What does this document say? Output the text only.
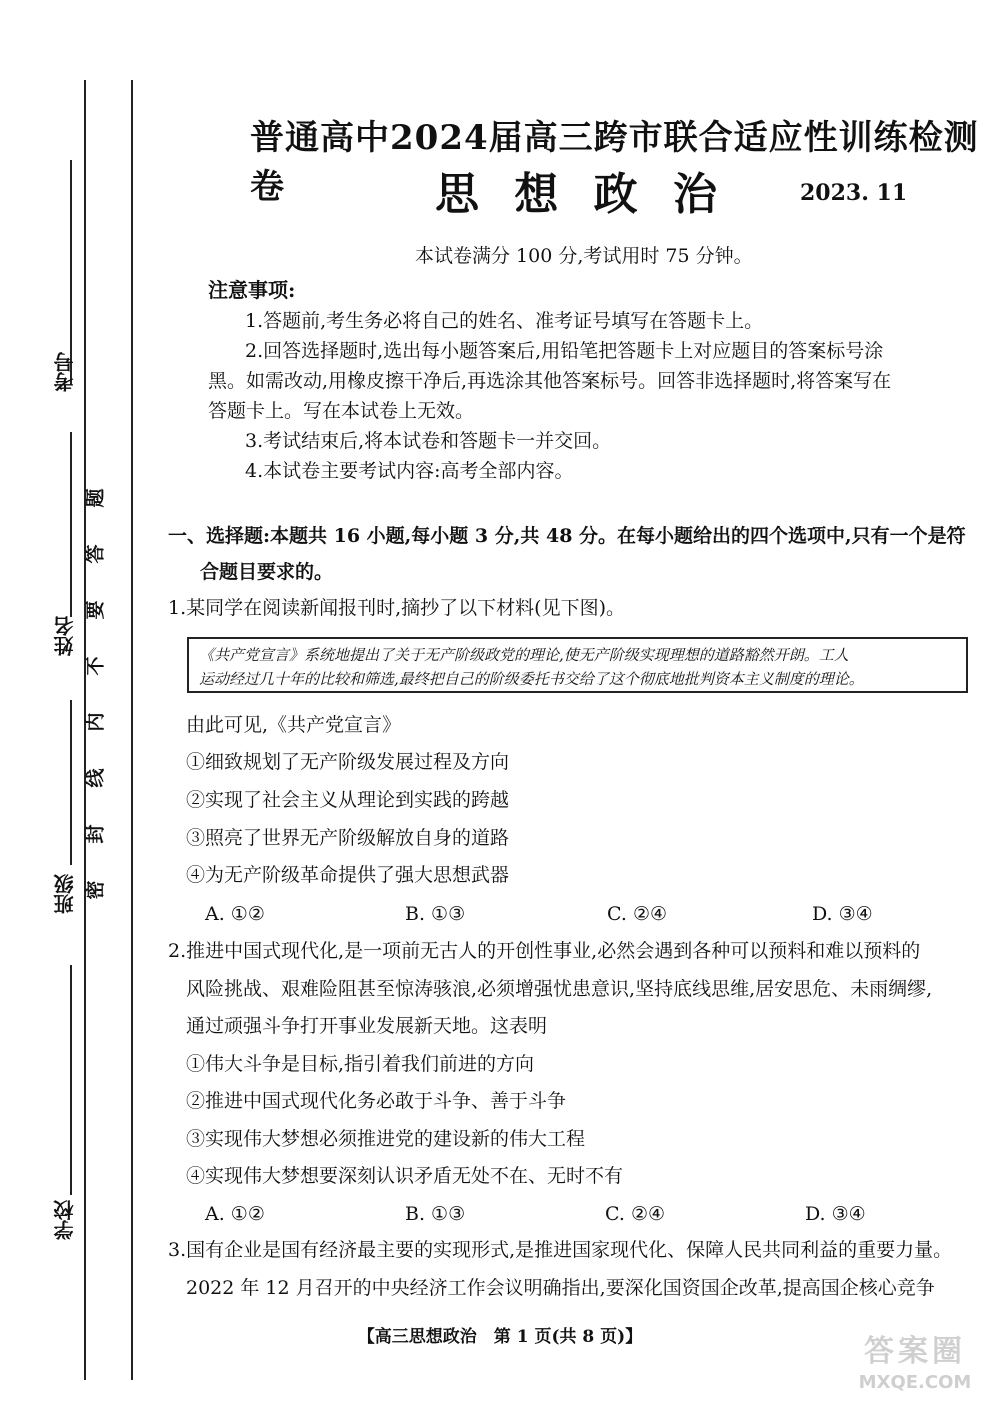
考号
姓名
班级
学校
题
答
要
不
内
线
封
密
普通高中2024届高三跨市联合适应性训练检测卷	思 想 政 治	2023. 11
本试卷满分 100 分,考试用时 75 分钟。
注意事项:
1.答题前,考生务必将自己的姓名、准考证号填写在答题卡上。
2.回答选择题时,选出每小题答案后,用铅笔把答题卡上对应题目的答案标号涂
黑。如需改动,用橡皮擦干净后,再选涂其他答案标号。回答非选择题时,将答案写在
答题卡上。写在本试卷上无效。
3.考试结束后,将本试卷和答题卡一并交回。
4.本试卷主要考试内容:高考全部内容。
一、选择题:本题共 16 小题,每小题 3 分,共 48 分。在每小题给出的四个选项中,只有一个是符
合题目要求的。
1.某同学在阅读新闻报刊时,摘抄了以下材料(见下图)。
《共产党宣言》系统地提出了关于无产阶级政党的理论,使无产阶级实现理想的道路豁然开朗。工人
运动经过几十年的比较和筛选,最终把自己的阶级委托书交给了这个彻底地批判资本主义制度的理论。
由此可见,《共产党宣言》
①细致规划了无产阶级发展过程及方向
②实现了社会主义从理论到实践的跨越
③照亮了世界无产阶级解放自身的道路
④为无产阶级革命提供了强大思想武器
A. ①②	B. ①③	C. ②④	D. ③④
2.推进中国式现代化,是一项前无古人的开创性事业,必然会遇到各种可以预料和难以预料的
风险挑战、艰难险阻甚至惊涛骇浪,必须增强忧患意识,坚持底线思维,居安思危、未雨绸缪,
通过顽强斗争打开事业发展新天地。这表明
①伟大斗争是目标,指引着我们前进的方向
②推进中国式现代化务必敢于斗争、善于斗争
③实现伟大梦想必须推进党的建设新的伟大工程
④实现伟大梦想要深刻认识矛盾无处不在、无时不有
A. ①②	B. ①③	C. ②④	D. ③④
3.国有企业是国有经济最主要的实现形式,是推进国家现代化、保障人民共同利益的重要力量。
2022 年 12 月召开的中央经济工作会议明确指出,要深化国资国企改革,提高国企核心竞争
【高三思想政治　第 1 页(共 8 页)】	答案圈
MXQE.COM
